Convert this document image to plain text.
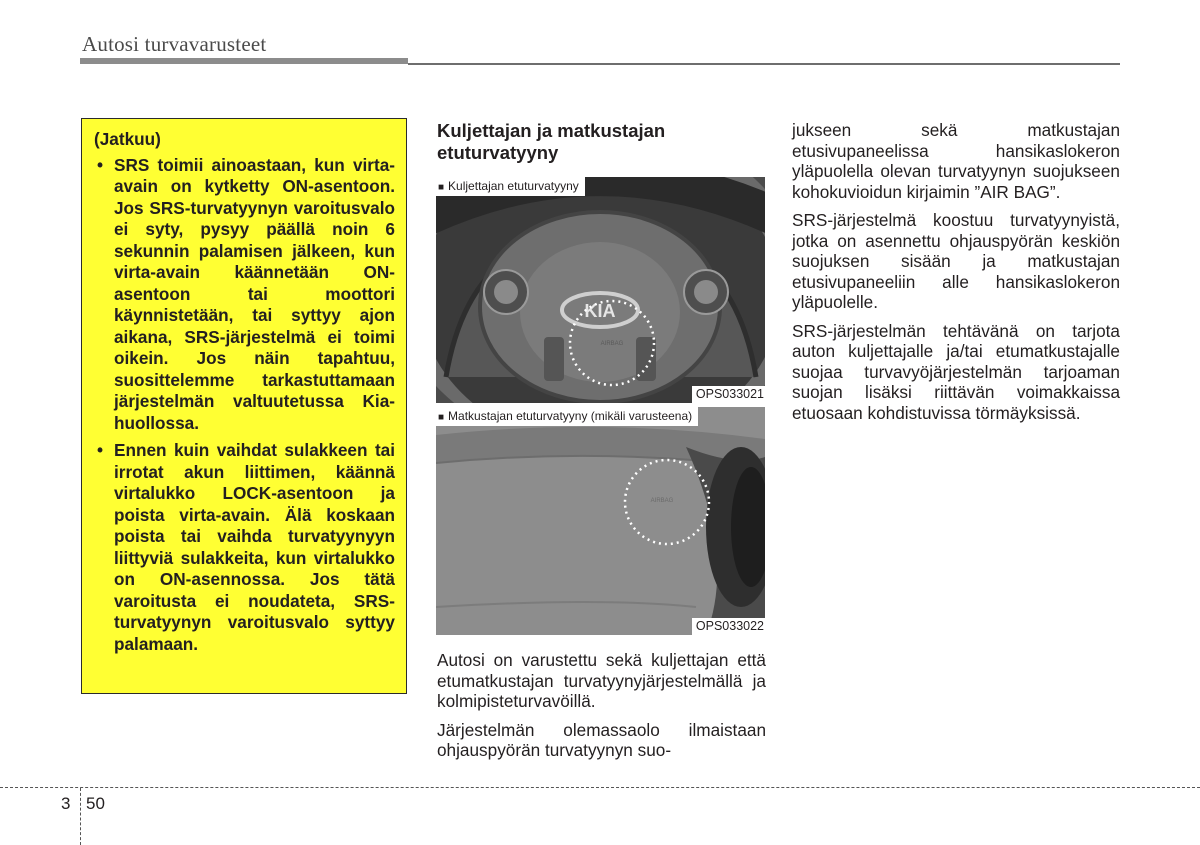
Autosi turvavarusteet
(Jatkuu)
• SRS toimii ainoastaan, kun virta-avain on kytketty ON-asentoon. Jos SRS-turvatyynyn varoitusvalo ei syty, pysyy päällä noin 6 sekunnin palamisen jälkeen, kun virta-avain käännetään ON-asentoon tai moottori käynnistetään, tai syttyy ajon aikana, SRS-järjestelmä ei toimi oikein. Jos näin tapahtuu, suosittelemme tarkastuttamaan järjestelmän valtuutetussa Kia-huollossa.
• Ennen kuin vaihdat sulakkeen tai irrotat akun liittimen, käännä virtalukko LOCK-asentoon ja poista virta-avain. Älä koskaan poista tai vaihda turvatyynyyn liittyviä sulakkeita, kun virtalukko on ON-asennossa. Jos tätä varoitusta ei noudateta, SRS-turvatyynyn varoitusvalo syttyy palamaan.
Kuljettajan ja matkustajan etuturvatyyny
KIA
AIRBAG
■ Kuljettajan etuturvatyyny
OPS033021
AIRBAG
■ Matkustajan etuturvatyyny (mikäli varusteena)
OPS033022

Autosi on varustettu sekä kuljettajan että etumatkustajan turvatyynyjärjestelmällä ja kolmipisteturvavöillä.

Järjestelmän olemassaolo ilmaistaan ohjauspyörän turvatyynyn suo-

jukseen sekä matkustajan etusivupaneelissa hansikaslokeron yläpuolella olevan turvatyynyn suojukseen kohokuvioidun kirjaimin ”AIR BAG”.

SRS-järjestelmä koostuu turvatyynyistä, jotka on asennettu ohjauspyörän keskiön suojuksen sisään ja matkustajan etusivupaneeliin alle hansikaslokeron yläpuolelle.

SRS-järjestelmän tehtävänä on tarjota auton kuljettajalle ja/tai etumatkustajalle suojaa turvavyöjärjestelmän tarjoaman suojan lisäksi riittävän voimakkaissa etuosaan kohdistuvissa törmäyksissä.

3 50
